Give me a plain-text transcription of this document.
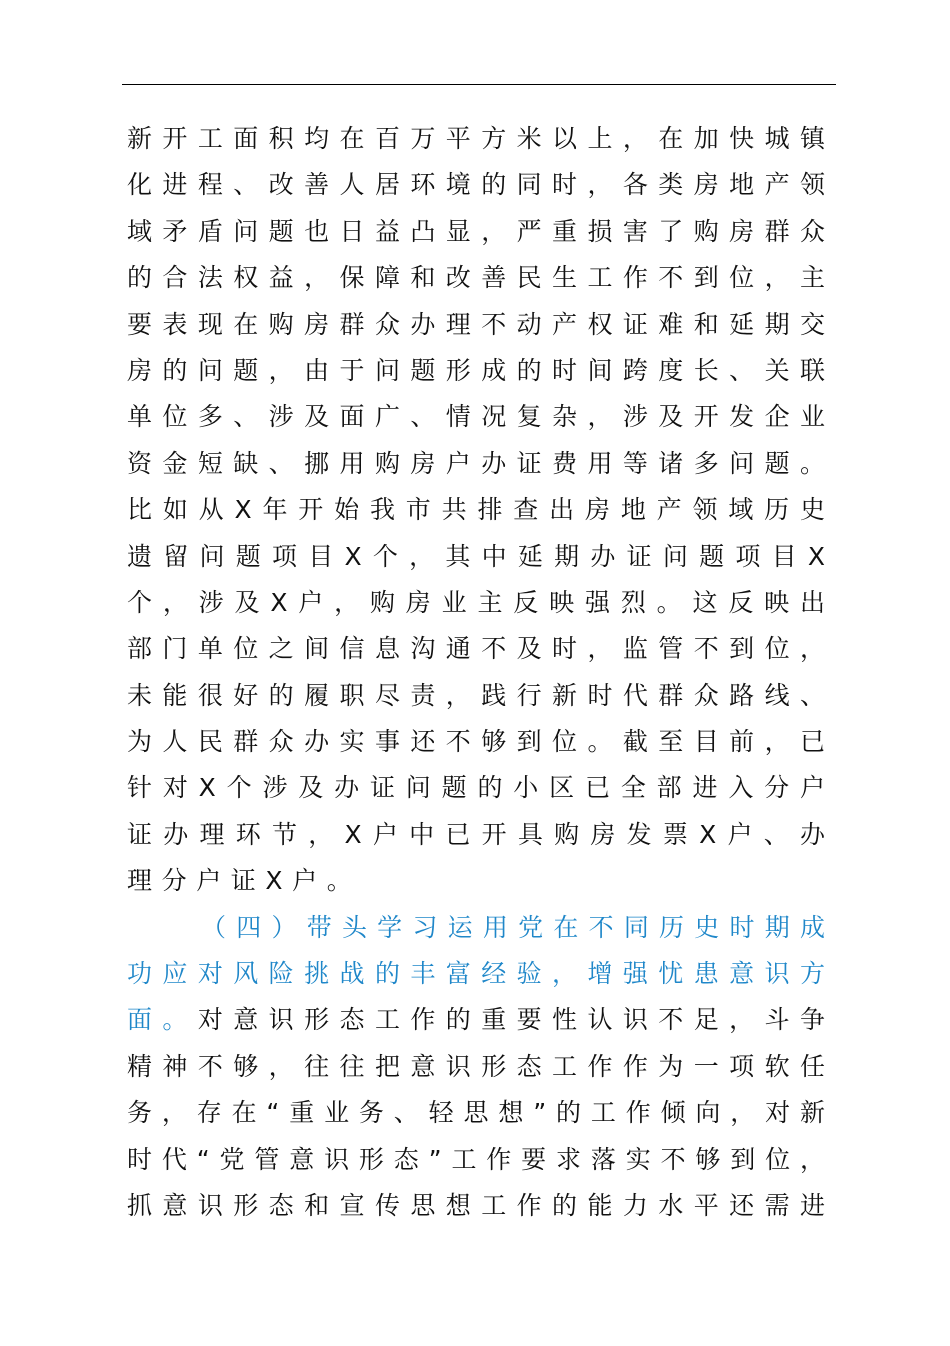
新开工面积均在百万平方米以上，在加快城镇
化进程、改善人居环境的同时，各类房地产领
域矛盾问题也日益凸显，严重损害了购房群众
的合法权益，保障和改善民生工作不到位，主
要表现在购房群众办理不动产权证难和延期交
房的问题，由于问题形成的时间跨度长、关联
单位多、涉及面广、情况复杂，涉及开发企业
资金短缺、挪用购房户办证费用等诸多问题。
比如从X年开始我市共排查出房地产领域历史
遗留问题项目X个，其中延期办证问题项目X
个，涉及X户，购房业主反映强烈。这反映出
部门单位之间信息沟通不及时，监管不到位，
未能很好的履职尽责，践行新时代群众路线、
为人民群众办实事还不够到位。截至目前，已
针对X个涉及办证问题的小区已全部进入分户
证办理环节，X户中已开具购房发票X户、办
理分户证X户。
（四）带头学习运用党在不同历史时期成
功应对风险挑战的丰富经验，增强忧患意识方
面。对意识形态工作的重要性认识不足，斗争
精神不够，往往把意识形态工作作为一项软任
务，存在“重业务、轻思想”的工作倾向，对新
时代“党管意识形态”工作要求落实不够到位，
抓意识形态和宣传思想工作的能力水平还需进
